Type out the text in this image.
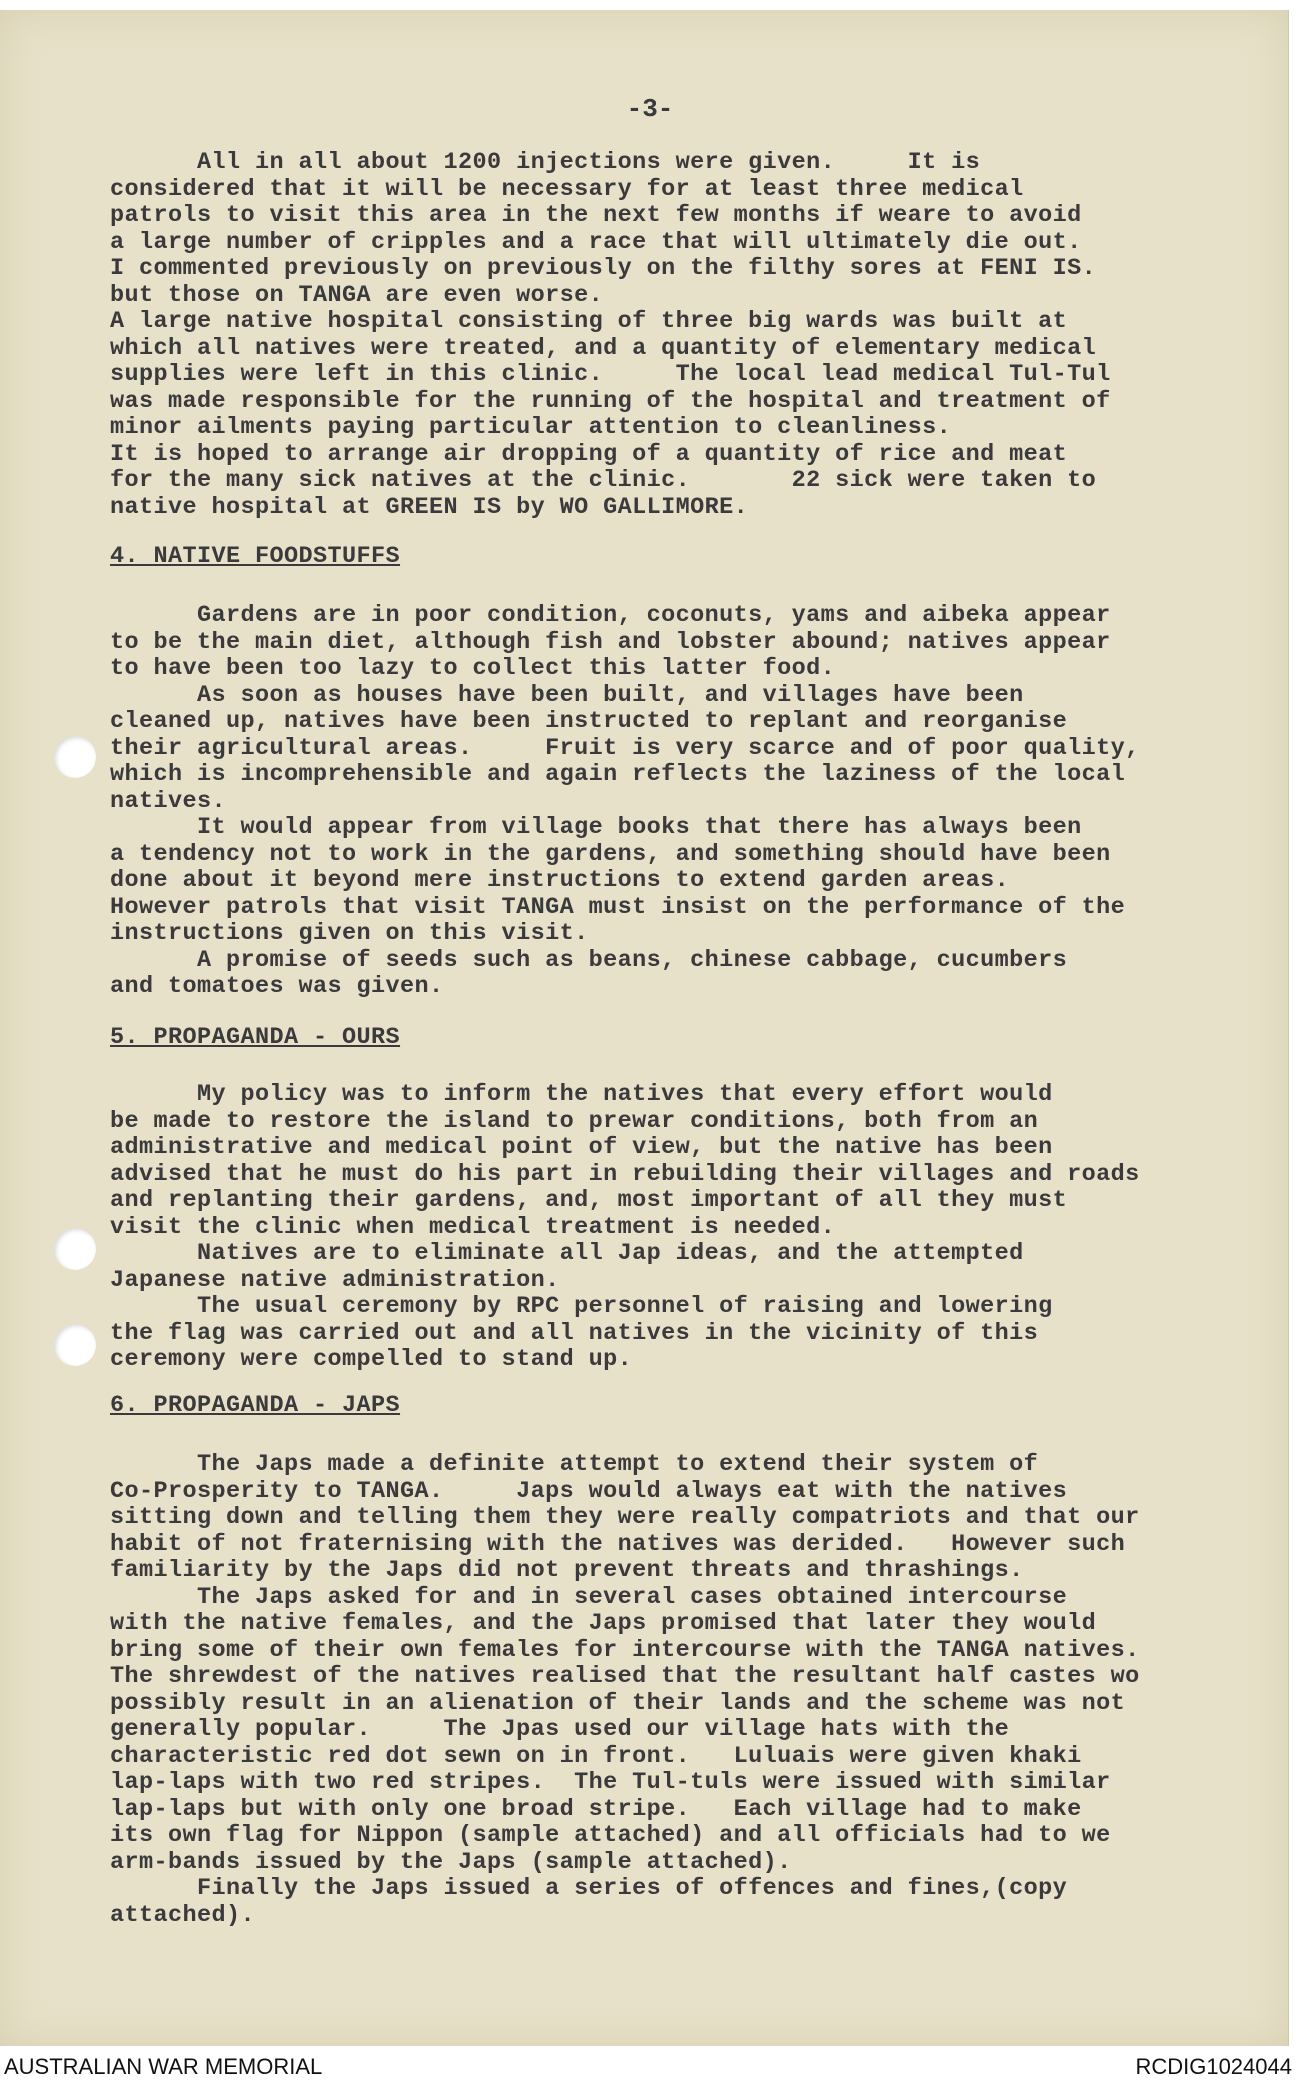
-3-
All in all about 1200 injections were given.     It is
considered that it will be necessary for at least three medical
patrols to visit this area in the next few months if weare to avoid
a large number of cripples and a race that will ultimately die out.
I commented previously on previously on the filthy sores at FENI IS.
but those on TANGA are even worse.
A large native hospital consisting of three big wards was built at
which all natives were treated, and a quantity of elementary medical
supplies were left in this clinic.     The local lead medical Tul-Tul
was made responsible for the running of the hospital and treatment of
minor ailments paying particular attention to cleanliness.
It is hoped to arrange air dropping of a quantity of rice and meat
for the many sick natives at the clinic.       22 sick were taken to
native hospital at GREEN IS by WO GALLIMORE.
4. NATIVE FOODSTUFFS
Gardens are in poor condition, coconuts, yams and aibeka appear
to be the main diet, although fish and lobster abound; natives appear
to have been too lazy to collect this latter food.
As soon as houses have been built, and villages have been
cleaned up, natives have been instructed to replant and reorganise
their agricultural areas.     Fruit is very scarce and of poor quality,
which is incomprehensible and again reflects the laziness of the local
natives.
It would appear from village books that there has always been
a tendency not to work in the gardens, and something should have been
done about it beyond mere instructions to extend garden areas.
However patrols that visit TANGA must insist on the performance of the
instructions given on this visit.
A promise of seeds such as beans, chinese cabbage, cucumbers
and tomatoes was given.
5. PROPAGANDA - OURS
My policy was to inform the natives that every effort would
be made to restore the island to prewar conditions, both from an
administrative and medical point of view, but the native has been
advised that he must do his part in rebuilding their villages and roads
and replanting their gardens, and, most important of all they must
visit the clinic when medical treatment is needed.
Natives are to eliminate all Jap ideas, and the attempted
Japanese native administration.
The usual ceremony by RPC personnel of raising and lowering
the flag was carried out and all natives in the vicinity of this
ceremony were compelled to stand up.
6. PROPAGANDA - JAPS
The Japs made a definite attempt to extend their system of
Co-Prosperity to TANGA.     Japs would always eat with the natives
sitting down and telling them they were really compatriots and that our
habit of not fraternising with the natives was derided.   However such
familiarity by the Japs did not prevent threats and thrashings.
The Japs asked for and in several cases obtained intercourse
with the native females, and the Japs promised that later they would
bring some of their own females for intercourse with the TANGA natives.
The shrewdest of the natives realised that the resultant half castes wo
possibly result in an alienation of their lands and the scheme was not
generally popular.     The Jpas used our village hats with the
characteristic red dot sewn on in front.   Luluais were given khaki
lap-laps with two red stripes.  The Tul-tuls were issued with similar
lap-laps but with only one broad stripe.   Each village had to make
its own flag for Nippon (sample attached) and all officials had to we
arm-bands issued by the Japs (sample attached).
Finally the Japs issued a series of offences and fines,(copy
attached).
AUSTRALIAN WAR MEMORIAL	RCDIG1024044
